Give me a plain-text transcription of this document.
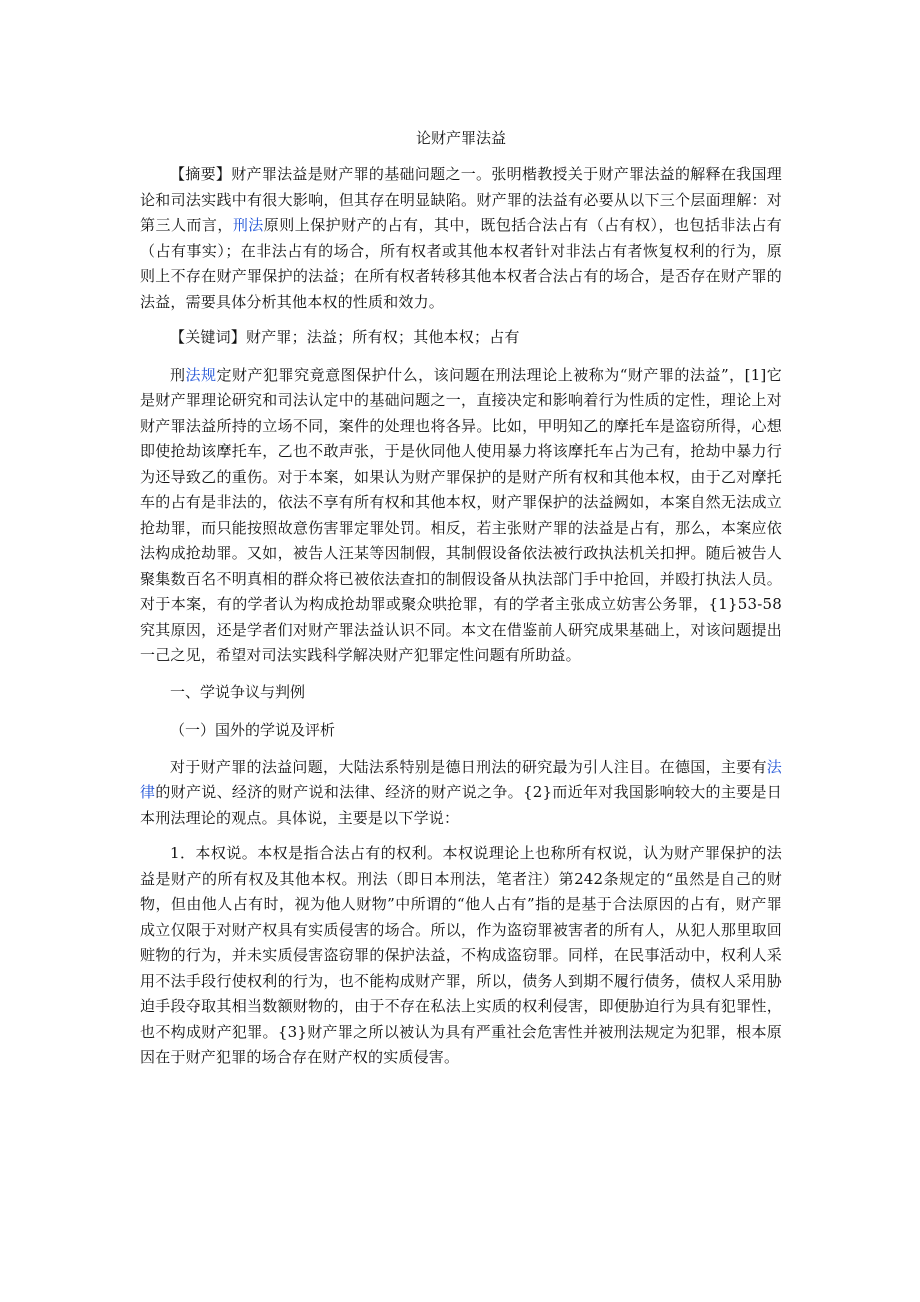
论财产罪法益

【摘要】财产罪法益是财产罪的基础问题之一。张明楷教授关于财产罪法益的解释在我国理论和司法实践中有很大影响，但其存在明显缺陷。财产罪的法益有必要从以下三个层面理解：对第三人而言，刑法原则上保护财产的占有，其中，既包括合法占有（占有权），也包括非法占有（占有事实）；在非法占有的场合，所有权者或其他本权者针对非法占有者恢复权利的行为，原则上不存在财产罪保护的法益；在所有权者转移其他本权者合法占有的场合，是否存在财产罪的法益，需要具体分析其他本权的性质和效力。

【关键词】财产罪；法益；所有权；其他本权；占有

刑法规定财产犯罪究竟意图保护什么，该问题在刑法理论上被称为“财产罪的法益”，[1]它是财产罪理论研究和司法认定中的基础问题之一，直接决定和影响着行为性质的定性，理论上对财产罪法益所持的立场不同，案件的处理也将各异。比如，甲明知乙的摩托车是盗窃所得，心想即使抢劫该摩托车，乙也不敢声张，于是伙同他人使用暴力将该摩托车占为己有，抢劫中暴力行为还导致乙的重伤。对于本案，如果认为财产罪保护的是财产所有权和其他本权，由于乙对摩托车的占有是非法的，依法不享有所有权和其他本权，财产罪保护的法益阙如，本案自然无法成立抢劫罪，而只能按照故意伤害罪定罪处罚。相反，若主张财产罪的法益是占有，那么，本案应依法构成抢劫罪。又如，被告人汪某等因制假，其制假设备依法被行政执法机关扣押。随后被告人聚集数百名不明真相的群众将已被依法查扣的制假设备从执法部门手中抢回，并殴打执法人员。对于本案，有的学者认为构成抢劫罪或聚众哄抢罪，有的学者主张成立妨害公务罪，{1}53-58究其原因，还是学者们对财产罪法益认识不同。本文在借鉴前人研究成果基础上，对该问题提出一己之见，希望对司法实践科学解决财产犯罪定性问题有所助益。

一、学说争议与判例
（一）国外的学说及评析

对于财产罪的法益问题，大陆法系特别是德日刑法的研究最为引人注目。在德国，主要有法律的财产说、经济的财产说和法律、经济的财产说之争。{2}而近年对我国影响较大的主要是日本刑法理论的观点。具体说，主要是以下学说：

1．本权说。本权是指合法占有的权利。本权说理论上也称所有权说，认为财产罪保护的法益是财产的所有权及其他本权。刑法（即日本刑法，笔者注）第242条规定的“虽然是自己的财物，但由他人占有时，视为他人财物”中所谓的“他人占有”指的是基于合法原因的占有，财产罪成立仅限于对财产权具有实质侵害的场合。所以，作为盗窃罪被害者的所有人，从犯人那里取回赃物的行为，并未实质侵害盗窃罪的保护法益，不构成盗窃罪。同样，在民事活动中，权利人采用不法手段行使权利的行为，也不能构成财产罪，所以，债务人到期不履行债务，债权人采用胁迫手段夺取其相当数额财物的，由于不存在私法上实质的权利侵害，即便胁迫行为具有犯罪性，也不构成财产犯罪。{3}财产罪之所以被认为具有严重社会危害性并被刑法规定为犯罪，根本原因在于财产犯罪的场合存在财产权的实质侵害。
